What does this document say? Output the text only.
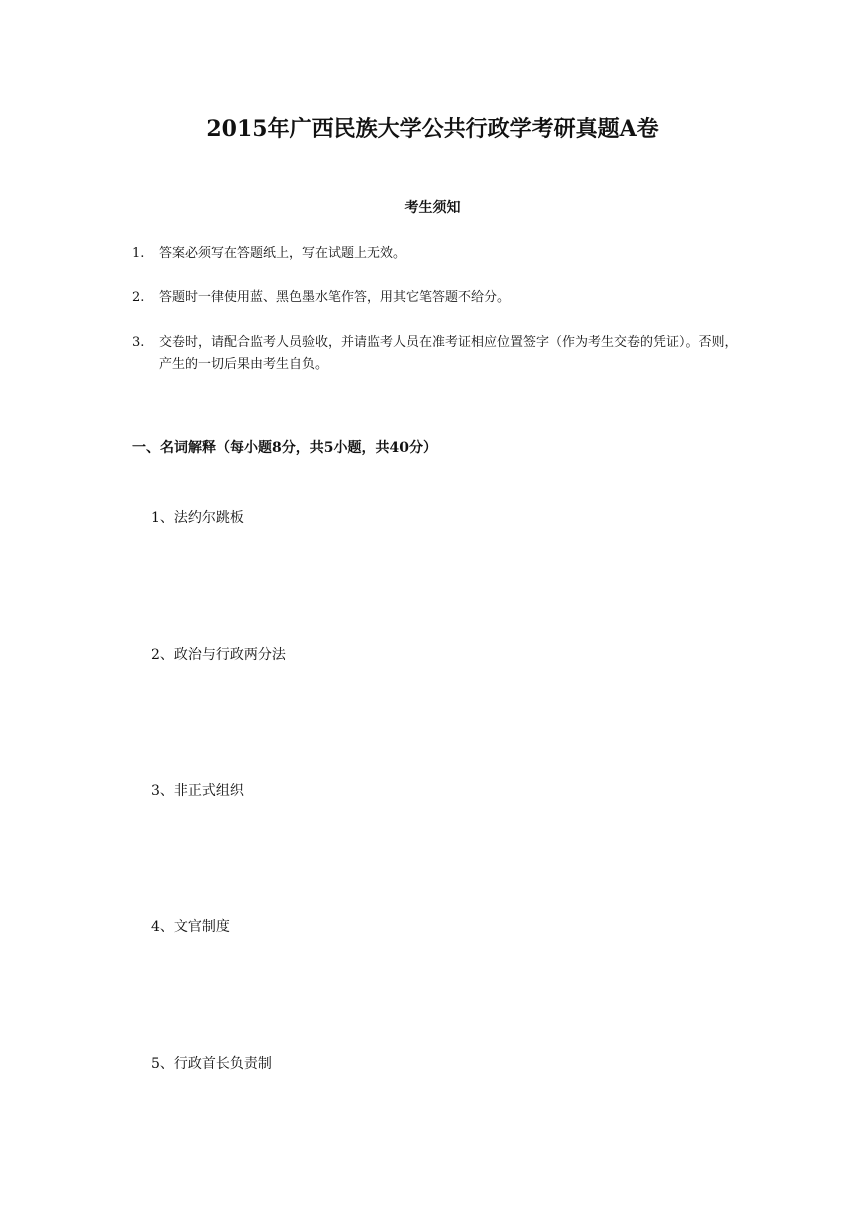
2015年广西民族大学公共行政学考研真题A卷
考生须知
1.	答案必须写在答题纸上，写在试题上无效。
2.	答题时一律使用蓝、黑色墨水笔作答，用其它笔答题不给分。
3.	交卷时，请配合监考人员验收，并请监考人员在准考证相应位置签字（作为考生交卷的凭证）。否则，产生的一切后果由考生自负。
一、名词解释（每小题8分，共5小题，共40分）
1、法约尔跳板
2、政治与行政两分法
3、非正式组织
4、文官制度
5、行政首长负责制
